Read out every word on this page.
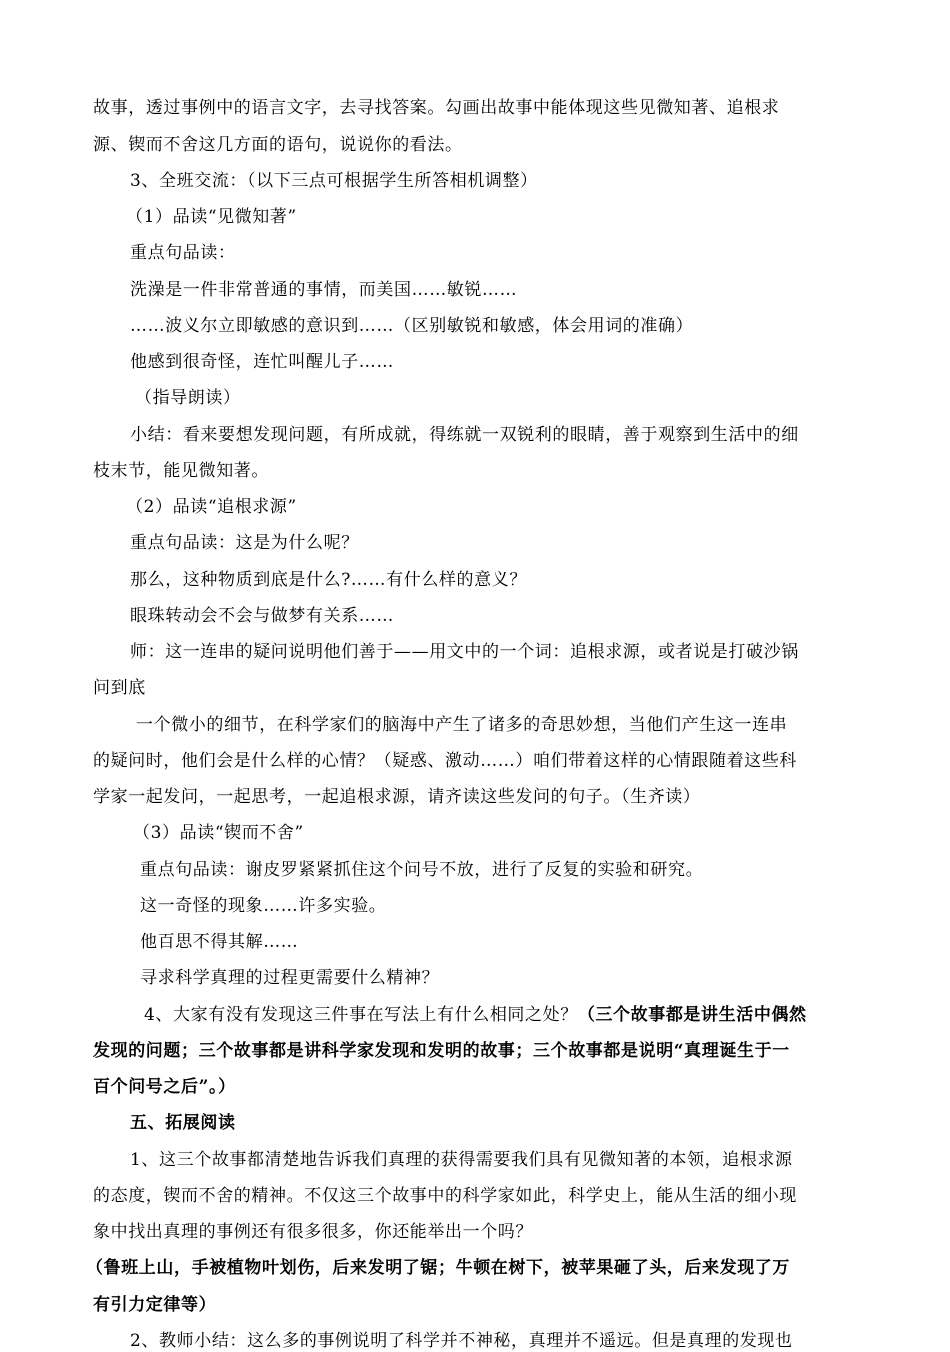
故事，透过事例中的语言文字，去寻找答案。勾画出故事中能体现这些见微知著、追根求
源、锲而不舍这几方面的语句，说说你的看法。
3、全班交流：（以下三点可根据学生所答相机调整）
（1）品读“见微知著”
重点句品读：
洗澡是一件非常普通的事情，而美国……敏锐……
……波义尔立即敏感的意识到……（区别敏锐和敏感，体会用词的准确）
他感到很奇怪，连忙叫醒儿子……
（指导朗读）
小结：看来要想发现问题，有所成就，得练就一双锐利的眼睛，善于观察到生活中的细
枝末节，能见微知著。
（2）品读“追根求源”
重点句品读：这是为什么呢？
那么，这种物质到底是什么?……有什么样的意义？
眼珠转动会不会与做梦有关系……
师：这一连串的疑问说明他们善于——用文中的一个词：追根求源，或者说是打破沙锅
问到底
一个微小的细节，在科学家们的脑海中产生了诸多的奇思妙想，当他们产生这一连串
的疑问时，他们会是什么样的心情？（疑惑、激动……）咱们带着这样的心情跟随着这些科
学家一起发问，一起思考，一起追根求源，请齐读这些发问的句子。（生齐读）
（3）品读“锲而不舍”
重点句品读：谢皮罗紧紧抓住这个问号不放，进行了反复的实验和研究。
这一奇怪的现象……许多实验。
他百思不得其解……
寻求科学真理的过程更需要什么精神？
4、大家有没有发现这三件事在写法上有什么相同之处？（三个故事都是讲生活中偶然
发现的问题；三个故事都是讲科学家发现和发明的故事；三个故事都是说明“真理诞生于一
百个问号之后”。）
五、拓展阅读
1、这三个故事都清楚地告诉我们真理的获得需要我们具有见微知著的本领，追根求源
的态度，锲而不舍的精神。不仅这三个故事中的科学家如此，科学史上，能从生活的细小现
象中找出真理的事例还有很多很多，你还能举出一个吗？
（鲁班上山，手被植物叶划伤，后来发明了锯；牛顿在树下，被苹果砸了头，后来发现了万
有引力定律等）
2、教师小结：这么多的事例说明了科学并不神秘，真理并不遥远。但是真理的发现也
